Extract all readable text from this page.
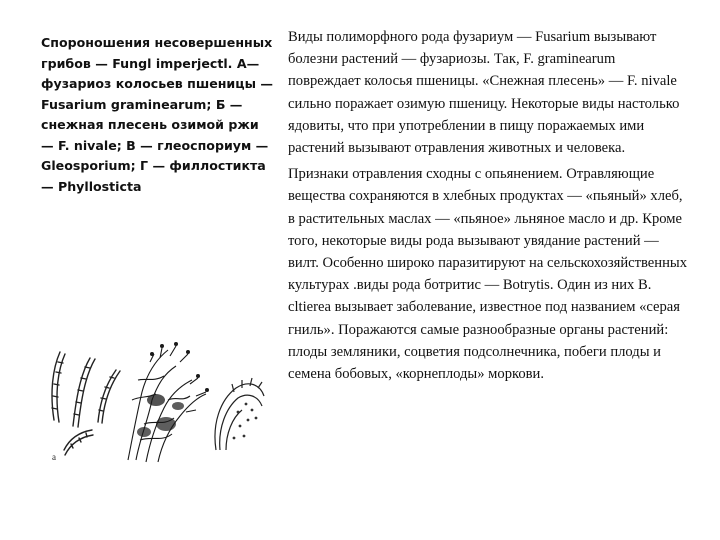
Спороношения несовершенных грибов — Fungl imperjectl. А— фузариоз колосьев пшеницы — Fusarium graminearum; Б — снежная плесень озимой ржи — F. nivale; В — глеоспориум — Gleosporium; Г — филлостикта — Phyllosticta

а

Виды полиморфного рода фузариум — Fusarium вызывают болезни растений — фузариозы. Так, F. graminearum повреждает колосья пшеницы. «Снежная плесень» — F. nivale сильно поражает озимую пшеницу. Некоторые виды настолько ядовиты, что при употреблении в пищу поражаемых ими растений вызывают отравления животных и человека.

Признаки отравления сходны с опьянением. Отравляющие вещества сохраняются в хлебных продуктах — «пьяный» хлеб, в растительных маслах — «пьяное» льняное масло и др. Кроме того, некоторые виды рода вызывают увядание растений — вилт. Особенно широко паразитируют на сельскохозяйственных культурах .виды рода ботритис — Botrytis. Один из них В. cltierea вызывает заболевание, известное под названием «серая гниль». Поражаются самые разнообразные органы растений: плоды земляники, соцветия подсолнечника, побеги плоды и семена бобовых, «корнеплоды» моркови.
